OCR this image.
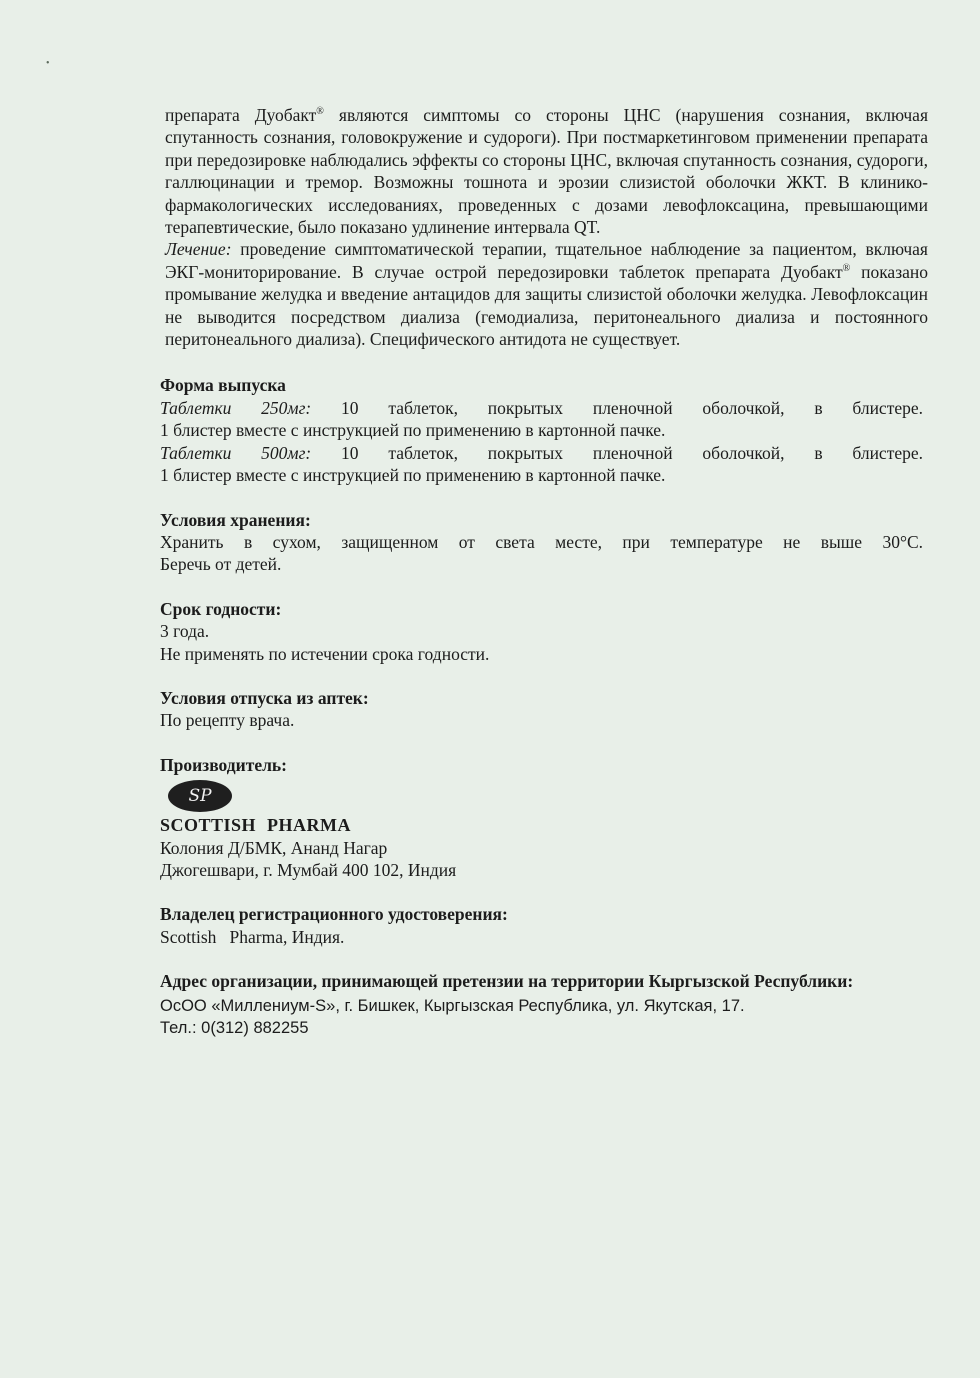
•

препарата Дуобакт® являются симптомы со стороны ЦНС (нарушения сознания, включая спутанность сознания, головокружение и судороги). При постмаркетинговом применении препарата при передозировке наблюдались эффекты со стороны ЦНС, включая спутанность сознания, судороги, галлюцинации и тремор. Возможны тошнота и эрозии слизистой оболочки ЖКТ. В клинико-фармакологических исследованиях, проведенных с дозами левофлоксацина, превышающими терапевтические, было показано удлинение интервала QT.

Лечение: проведение симптоматической терапии, тщательное наблюдение за пациентом, включая ЭКГ-мониторирование. В случае острой передозировки таблеток препарата Дуобакт® показано промывание желудка и введение антацидов для защиты слизистой оболочки желудка. Левофлоксацин не выводится посредством диализа (гемодиализа, перитонеального диализа и постоянного перитонеального диализа). Специфического антидота не существует.

Форма выпуска

Таблетки 250мг: 10 таблеток, покрытых пленочной оболочкой, в блистере.

1 блистер вместе с инструкцией по применению в картонной пачке.

Таблетки 500мг: 10 таблеток, покрытых пленочной оболочкой, в блистере.

1 блистер вместе с инструкцией по применению в картонной пачке.

Условия хранения:

Хранить в сухом, защищенном от света месте, при температуре не выше 30°С.

Беречь от детей.

Срок годности:

3 года.

Не применять по истечении срока годности.

Условия отпуска из аптек:

По рецепту врача.

Производитель:

SP

SCOTTISH PHARMA

Колония Д/БМК, Ананд Нагар

Джогешвари, г. Мумбай 400 102, Индия

Владелец регистрационного удостоверения:

Scottish   Pharma, Индия.

Адрес организации, принимающей претензии на территории Кыргызской Республики:

ОсОО «Миллениум-S», г. Бишкек, Кыргызская Республика, ул. Якутская, 17.

Тел.: 0(312) 882255
